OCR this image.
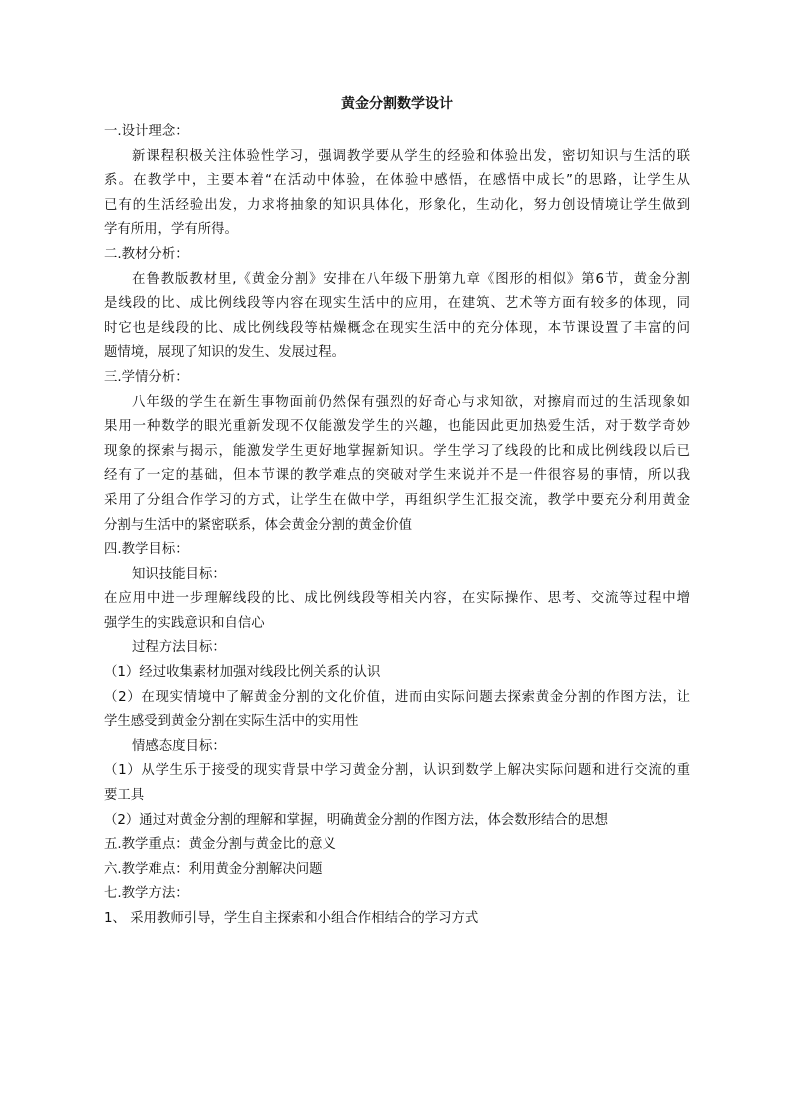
黄金分割数学设计

一.设计理念：

新课程积极关注体验性学习，强调教学要从学生的经验和体验出发，密切知识与生活的联

系。在教学中，主要本着“在活动中体验，在体验中感悟，在感悟中成长”的思路，让学生从

已有的生活经验出发，力求将抽象的知识具体化，形象化，生动化，努力创设情境让学生做到

学有所用，学有所得。

二.教材分析：

在鲁教版教材里,《黄金分割》安排在八年级下册第九章《图形的相似》第6节，黄金分割

是线段的比、成比例线段等内容在现实生活中的应用，在建筑、艺术等方面有较多的体现，同

时它也是线段的比、成比例线段等枯燥概念在现实生活中的充分体现，本节课设置了丰富的问

题情境，展现了知识的发生、发展过程。

三.学情分析：

八年级的学生在新生事物面前仍然保有强烈的好奇心与求知欲，对擦肩而过的生活现象如

果用一种数学的眼光重新发现不仅能激发学生的兴趣，也能因此更加热爱生活，对于数学奇妙

现象的探索与揭示，能激发学生更好地掌握新知识。学生学习了线段的比和成比例线段以后已

经有了一定的基础，但本节课的教学难点的突破对学生来说并不是一件很容易的事情，所以我

采用了分组合作学习的方式，让学生在做中学，再组织学生汇报交流，教学中要充分利用黄金

分割与生活中的紧密联系，体会黄金分割的黄金价值

四.教学目标：

知识技能目标：

在应用中进一步理解线段的比、成比例线段等相关内容，在实际操作、思考、交流等过程中增

强学生的实践意识和自信心

过程方法目标：

（1）经过收集素材加强对线段比例关系的认识

（2）在现实情境中了解黄金分割的文化价值，进而由实际问题去探索黄金分割的作图方法，让

学生感受到黄金分割在实际生活中的实用性

情感态度目标：

（1）从学生乐于接受的现实背景中学习黄金分割，认识到数学上解决实际问题和进行交流的重

要工具

（2）通过对黄金分割的理解和掌握，明确黄金分割的作图方法，体会数形结合的思想

五.教学重点：黄金分割与黄金比的意义

六.教学难点：利用黄金分割解决问题

七.教学方法：

1、 采用教师引导，学生自主探索和小组合作相结合的学习方式
